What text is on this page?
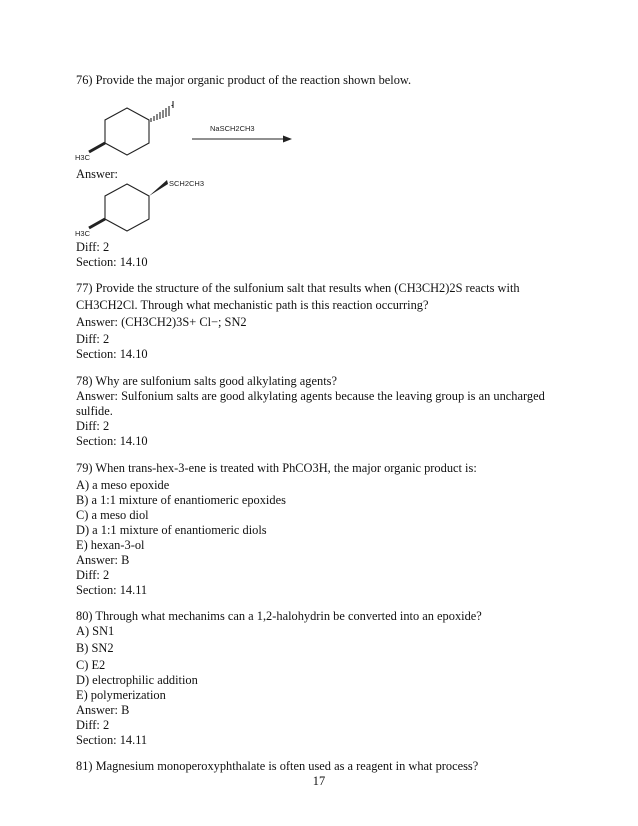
76) Provide the major organic product of the reaction shown below.
H3C
NaSCH2CH3
Answer:
H3C
SCH2CH3
Diff: 2
Section: 14.10
77) Provide the structure of the sulfonium salt that results when (CH3CH2)2S reacts with
CH3CH2Cl. Through what mechanistic path is this reaction occurring?
Answer: (CH3CH2)3S+ Cl−; SN2
Diff: 2
Section: 14.10
78) Why are sulfonium salts good alkylating agents?
Answer: Sulfonium salts are good alkylating agents because the leaving group is an uncharged
sulfide.
Diff: 2
Section: 14.10
79) When trans-hex-3-ene is treated with PhCO3H, the major organic product is:
A) a meso epoxide
B) a 1:1 mixture of enantiomeric epoxides
C) a meso diol
D) a 1:1 mixture of enantiomeric diols
E) hexan-3-ol
Answer: B
Diff: 2
Section: 14.11
80) Through what mechanims can a 1,2-halohydrin be converted into an epoxide?
A) SN1
B) SN2
C) E2
D) electrophilic addition
E) polymerization
Answer: B
Diff: 2
Section: 14.11
81) Magnesium monoperoxyphthalate is often used as a reagent in what process?
17
